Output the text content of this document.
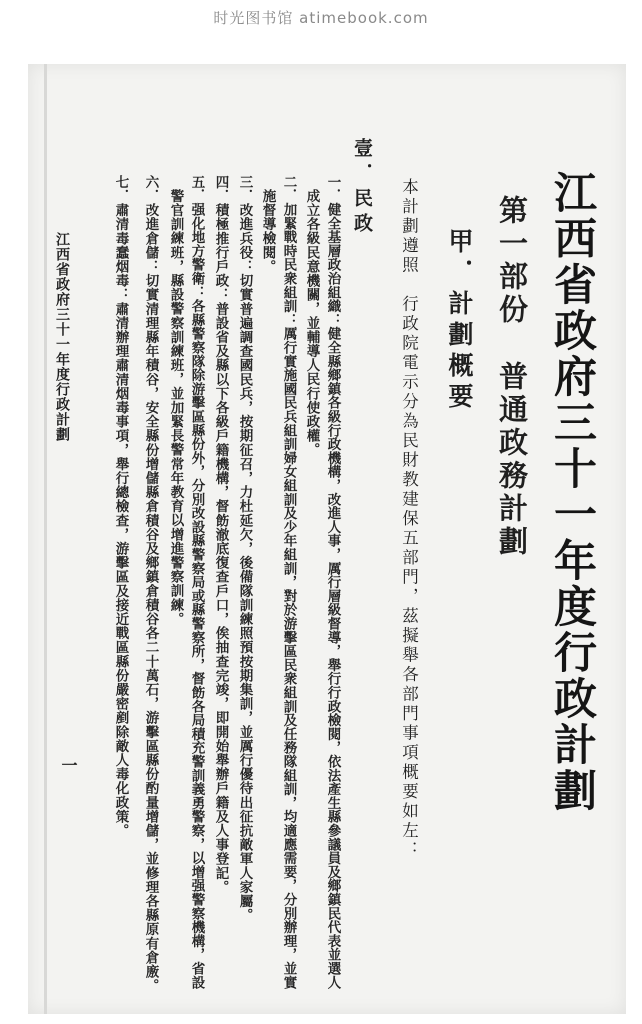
时光图书馆 atimebook.com
江西省政府三十一年度行政計劃
第一部份普通政務計劃
甲．計劃概要
本計劃遵照　行政院電示分為民財教建保五部門，茲擬舉各部門事項概要如左：
壹．民政
一．健全基層政治組織：健全縣鄉鎮各級行政機構，改進人事，厲行層級督導，舉行行政檢閱，依法產生縣參議員及鄉鎮民代表並選人
成立各級民意機關，並輔導人民行使政權。
二．加緊戰時民衆組訓：厲行實施國民兵組訓婦女組訓及少年組訓，對於游擊區民衆組訓及任務隊組訓，均適應需要，分別辦理，並實
施督導檢閱。
三．改進兵役：切實普遍調查國民兵，按期征召，力杜延欠，後備隊訓練照預按期集訓，並厲行優待出征抗敵軍人家屬。
四．積極推行戶政：普設省及縣以下各級戶籍機構，督飭澈底復查戶口，俟抽查完竣，即開始舉辦戶籍及人事登記。
五．强化地方警衛：各縣警察隊除游擊區縣份外，分別改設縣警察局或縣警察所，督飭各局積充警訓義勇警察，以增强警察機構，省設
警官訓練班，縣設警察訓練班，並加緊長警常年教育以增進警察訓練。
六．改進倉儲：切實清理縣年積谷，安全縣份增儲縣倉積谷及鄉鎮倉積谷各二十萬石，游擊區縣份酌量增儲，並修理各縣原有倉廒。
七．肅清毒蠢烟毒：肅清辦理肅清烟毒事項，舉行總檢查，游擊區及接近戰區縣份嚴密剷除敵人毒化政策。
江西省政府三十一年度行政計劃
一
